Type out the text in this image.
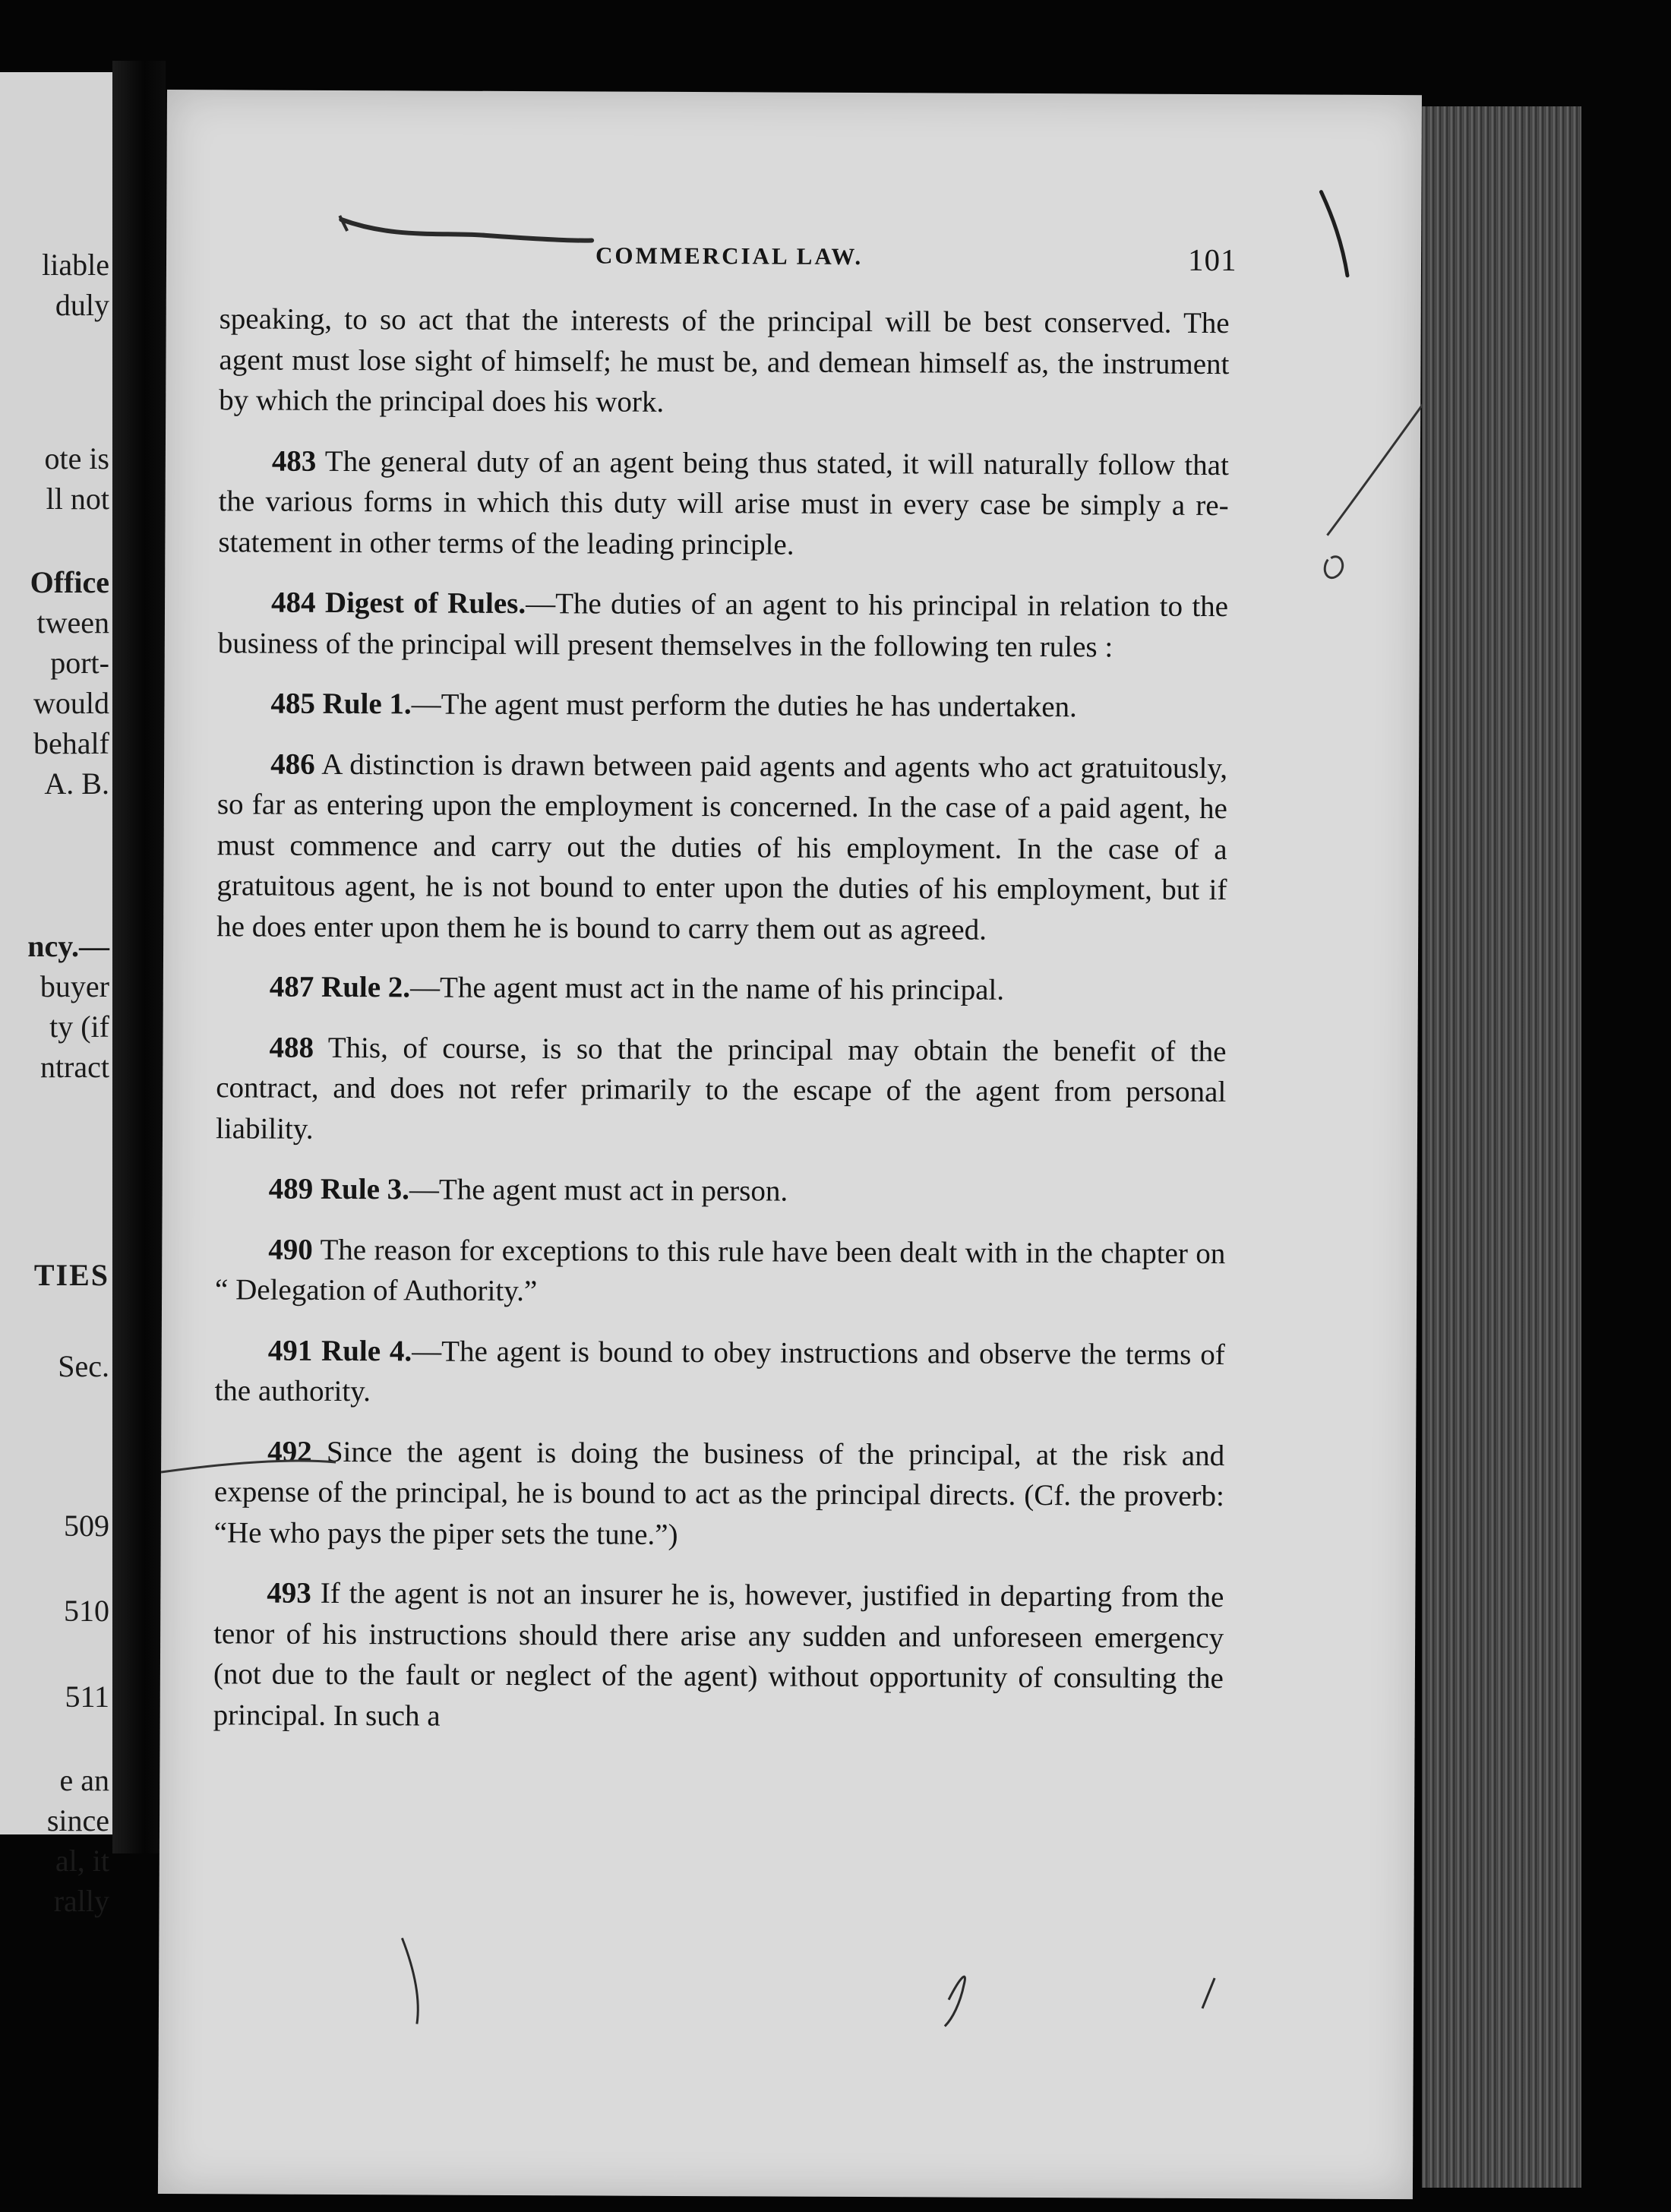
liable
duly
ote is
ll not
Office
tween
port-
would
behalf
A. B.
ncy.—
buyer
ty (if
ntract
TIES
Sec.
509
510
511
e an
since
al, it
rally
COMMERCIAL LAW.	101

speaking, to so act that the interests of the principal will be best conserved. The agent must lose sight of himself; he must be, and demean himself as, the instrument by which the principal does his work.

483 The general duty of an agent being thus stated, it will naturally follow that the various forms in which this duty will arise must in every case be simply a re-statement in other terms of the leading principle.

484 Digest of Rules.—The duties of an agent to his principal in relation to the business of the principal will present themselves in the following ten rules :

485 Rule 1.—The agent must perform the duties he has undertaken.

486 A distinction is drawn between paid agents and agents who act gratuitously, so far as entering upon the employment is concerned. In the case of a paid agent, he must commence and carry out the duties of his employment. In the case of a gratuitous agent, he is not bound to enter upon the duties of his employment, but if he does enter upon them he is bound to carry them out as agreed.

487 Rule 2.—The agent must act in the name of his principal.

488 This, of course, is so that the principal may obtain the benefit of the contract, and does not refer primarily to the escape of the agent from personal liability.

489 Rule 3.—The agent must act in person.

490 The reason for exceptions to this rule have been dealt with in the chapter on “ Delegation of Authority.”

491 Rule 4.—The agent is bound to obey instructions and observe the terms of the authority.

492 Since the agent is doing the business of the principal, at the risk and expense of the principal, he is bound to act as the principal directs. (Cf. the proverb: “He who pays the piper sets the tune.”)

493 If the agent is not an insurer he is, however, justified in departing from the tenor of his instructions should there arise any sudden and unforeseen emergency (not due to the fault or neglect of the agent) without opportunity of consulting the principal. In such a
